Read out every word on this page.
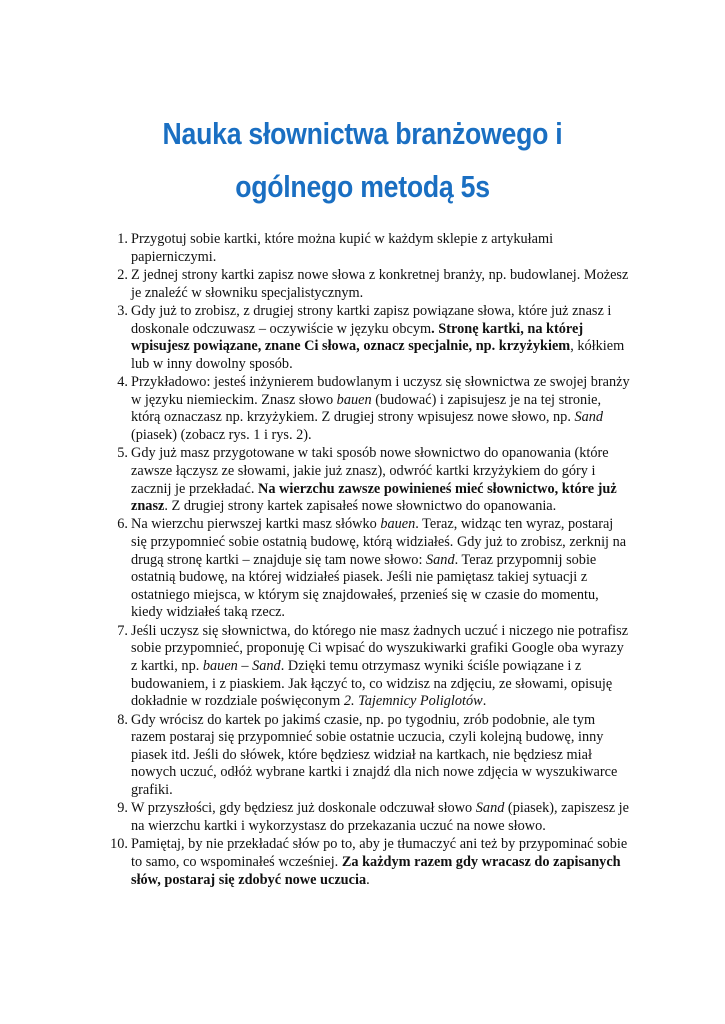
Nauka słownictwa branżowego i
ogólnego metodą 5s
1. Przygotuj sobie kartki, które można kupić w każdym sklepie z artykułami papierniczymi.
2. Z jednej strony kartki zapisz nowe słowa z konkretnej branży, np. budowlanej. Możesz je znaleźć w słowniku specjalistycznym.
3. Gdy już to zrobisz, z drugiej strony kartki zapisz powiązane słowa, które już znasz i doskonale odczuwasz – oczywiście w języku obcym. Stronę kartki, na której wpisujesz powiązane, znane Ci słowa, oznacz specjalnie, np. krzyżykiem, kółkiem lub w inny dowolny sposób.
4. Przykładowo: jesteś inżynierem budowlanym i uczysz się słownictwa ze swojej branży w języku niemieckim. Znasz słowo bauen (budować) i zapisujesz je na tej stronie, którą oznaczasz np. krzyżykiem. Z drugiej strony wpisujesz nowe słowo, np. Sand (piasek) (zobacz rys. 1 i rys. 2).
5. Gdy już masz przygotowane w taki sposób nowe słownictwo do opanowania (które zawsze łączysz ze słowami, jakie już znasz), odwróć kartki krzyżykiem do góry i zacznij je przekładać. Na wierzchu zawsze powinieneś mieć słownictwo, które już znasz. Z drugiej strony kartek zapisałeś nowe słownictwo do opanowania.
6. Na wierzchu pierwszej kartki masz słówko bauen. Teraz, widząc ten wyraz, postaraj się przypomnieć sobie ostatnią budowę, którą widziałeś. Gdy już to zrobisz, zerknij na drugą stronę kartki – znajduje się tam nowe słowo: Sand. Teraz przypomnij sobie ostatnią budowę, na której widziałeś piasek. Jeśli nie pamiętasz takiej sytuacji z ostatniego miejsca, w którym się znajdowałeś, przenieś się w czasie do momentu, kiedy widziałeś taką rzecz.
7. Jeśli uczysz się słownictwa, do którego nie masz żadnych uczuć i niczego nie potrafisz sobie przypomnieć, proponuję Ci wpisać do wyszukiwarki grafiki Google oba wyrazy z kartki, np. bauen – Sand. Dzięki temu otrzymasz wyniki ściśle powiązane i z budowaniem, i z piaskiem. Jak łączyć to, co widzisz na zdjęciu, ze słowami, opisuję dokładnie w rozdziale poświęconym 2. Tajemnicy Poliglotów.
8. Gdy wrócisz do kartek po jakimś czasie, np. po tygodniu, zrób podobnie, ale tym razem postaraj się przypomnieć sobie ostatnie uczucia, czyli kolejną budowę, inny piasek itd. Jeśli do słówek, które będziesz widział na kartkach, nie będziesz miał nowych uczuć, odłóż wybrane kartki i znajdź dla nich nowe zdjęcia w wyszukiwarce grafiki.
9. W przyszłości, gdy będziesz już doskonale odczuwał słowo Sand (piasek), zapiszesz je na wierzchu kartki i wykorzystasz do przekazania uczuć na nowe słowo.
10. Pamiętaj, by nie przekładać słów po to, aby je tłumaczyć ani też by przypominać sobie to samo, co wspominałeś wcześniej. Za każdym razem gdy wracasz do zapisanych słów, postaraj się zdobyć nowe uczucia.
